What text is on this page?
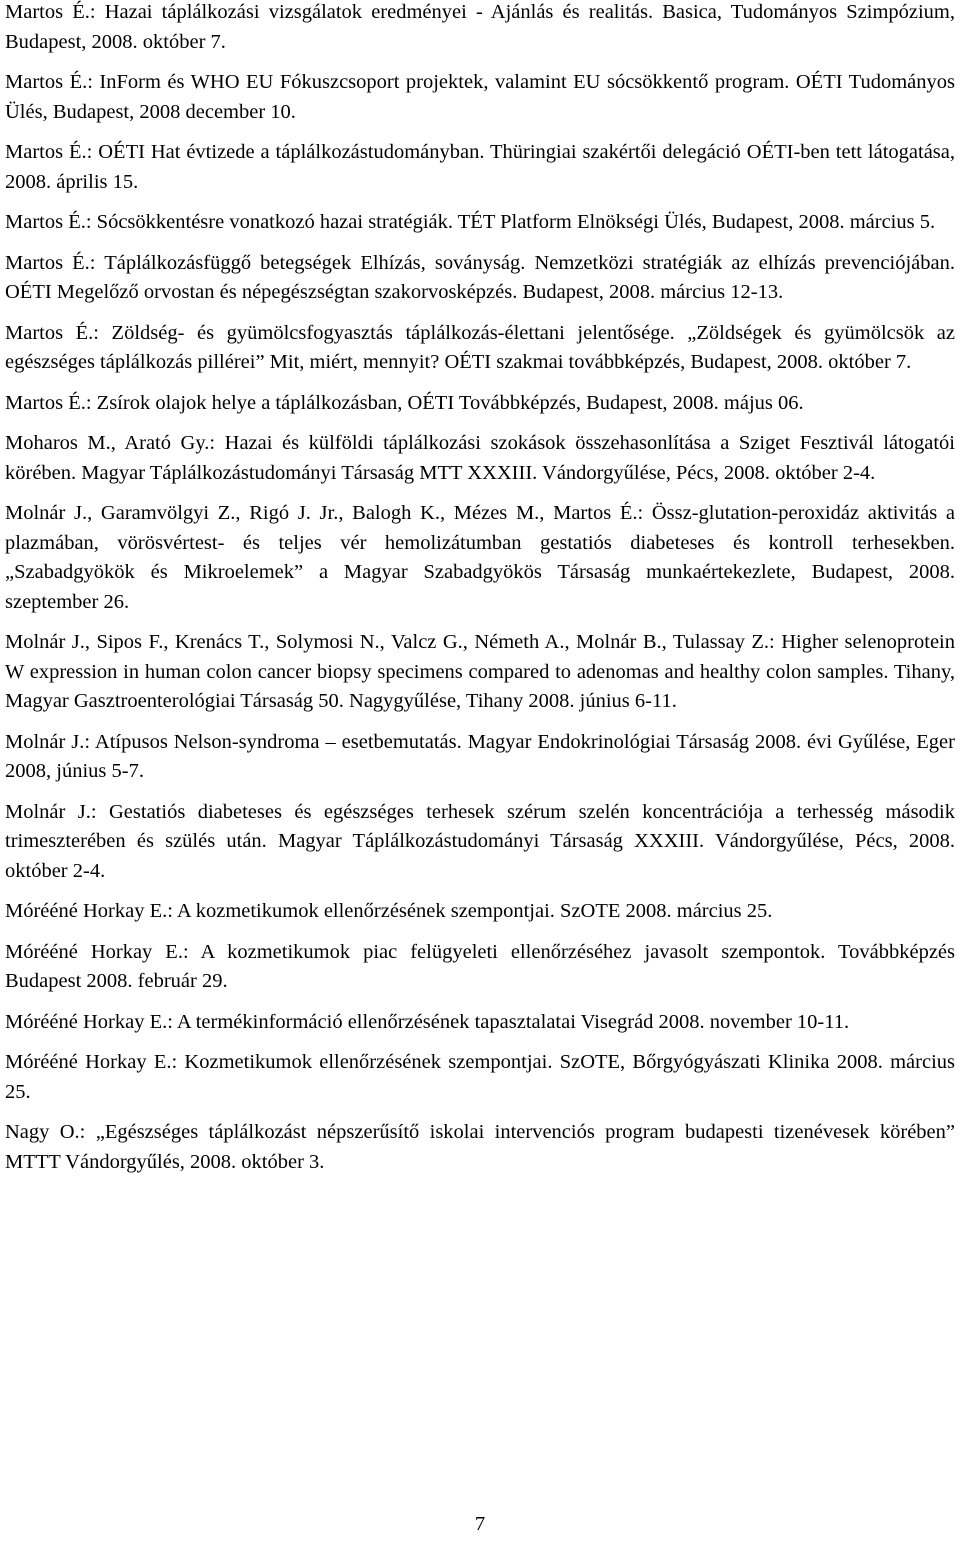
Martos É.: Hazai táplálkozási vizsgálatok eredményei - Ajánlás és realitás. Basica, Tudományos Szimpózium, Budapest, 2008. október 7.
Martos É.: InForm és WHO EU Fókuszcsoport projektek, valamint EU sócsökkentő program. OÉTI Tudományos Ülés, Budapest, 2008 december 10.
Martos É.: OÉTI Hat évtizede a táplálkozástudományban. Thüringiai szakértői delegáció OÉTI-ben tett látogatása, 2008. április 15.
Martos É.: Sócsökkentésre vonatkozó hazai stratégiák. TÉT Platform Elnökségi Ülés, Budapest, 2008. március 5.
Martos É.: Táplálkozásfüggő betegségek Elhízás, soványság. Nemzetközi stratégiák az elhízás prevenciójában. OÉTI Megelőző orvostan és népegészségtan szakorvosképzés. Budapest, 2008. március 12-13.
Martos É.: Zöldség- és gyümölcsfogyasztás táplálkozás-élettani jelentősége. „Zöldségek és gyümölcsök az egészséges táplálkozás pillérei” Mit, miért, mennyit? OÉTI szakmai továbbképzés, Budapest, 2008. október 7.
Martos É.: Zsírok olajok helye a táplálkozásban, OÉTI Továbbképzés, Budapest, 2008. május 06.
Moharos M., Arató Gy.: Hazai és külföldi táplálkozási szokások összehasonlítása a Sziget Fesztivál látogatói körében. Magyar Táplálkozástudományi Társaság MTT XXXIII. Vándorgyűlése, Pécs, 2008. október 2-4.
Molnár J., Garamvölgyi Z., Rigó J. Jr., Balogh K., Mézes M., Martos É.: Össz-glutation-peroxidáz aktivitás a plazmában, vörösvértest- és teljes vér hemolizátumban gestatiós diabeteses és kontroll terhesekben. „Szabadgyökök és Mikroelemek” a Magyar Szabadgyökös Társaság munkaértekezlete, Budapest, 2008. szeptember 26.
Molnár J., Sipos F., Krenács T., Solymosi N., Valcz G., Németh A., Molnár B., Tulassay Z.: Higher selenoprotein W expression in human colon cancer biopsy specimens compared to adenomas and healthy colon samples. Tihany, Magyar Gasztroenterológiai Társaság 50. Nagygyűlése, Tihany 2008. június 6-11.
Molnár J.: Atípusos Nelson-syndroma – esetbemutatás. Magyar Endokrinológiai Társaság 2008. évi Gyűlése, Eger 2008, június 5-7.
Molnár J.: Gestatiós diabeteses és egészséges terhesek szérum szelén koncentrációja a terhesség második trimeszterében és szülés után. Magyar Táplálkozástudományi Társaság XXXIII. Vándorgyűlése, Pécs, 2008. október 2-4.
Mórééné Horkay E.: A kozmetikumok ellenőrzésének szempontjai. SzOTE 2008. március 25.
Mórééné Horkay E.: A kozmetikumok piac felügyeleti ellenőrzéséhez javasolt szempontok. Továbbképzés Budapest 2008. február 29.
Mórééné Horkay E.: A termékinformáció ellenőrzésének tapasztalatai Visegrád 2008. november 10-11.
Mórééné Horkay E.: Kozmetikumok ellenőrzésének szempontjai. SzOTE, Bőrgyógyászati Klinika 2008. március 25.
Nagy O.: „Egészséges táplálkozást népszerűsítő iskolai intervenciós program budapesti tizenévesek körében” MTTT Vándorgyűlés, 2008. október 3.
7
